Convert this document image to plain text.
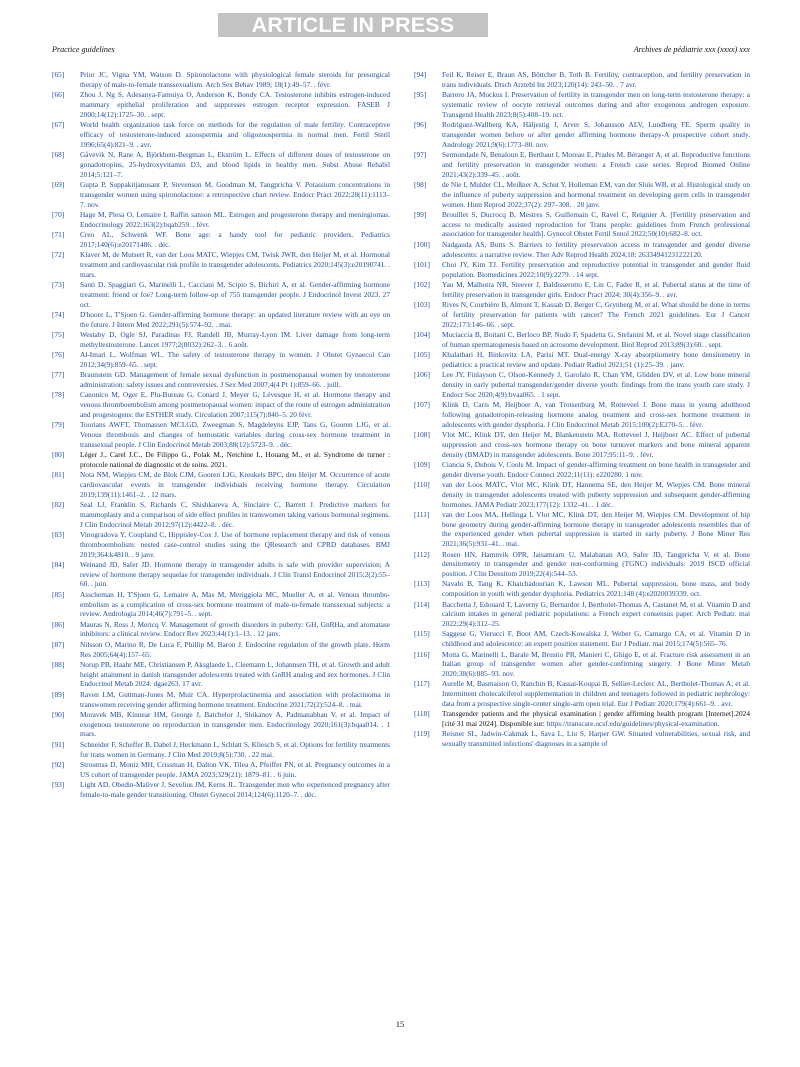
ARTICLE IN PRESS
Practice guidelines	Archives de pédiatrie xxx (xxxx) xxx
[65]	Prior JC, Vigna YM, Watson D. Spironolactone with physiological female steroids for presurgical therapy of male-to-female transsexualism. Arch Sex Behav 1989; 18(1):49–57. . févr.
[66]	Zhou J, Ng S, Adesanya-Famuiya O, Anderson K, Bondy CA. Testosterone inhibits estrogen-induced mammary epithelial proliferation and suppresses estrogen receptor expression. FASEB J 2000;14(12):1725–30. . sept.
[67]	World health organization task force on methods for the regulation of male fertility. Contraceptive efficacy of testosterone-induced azoospermia and oligozoospermia in normal men. Fertil Steril 1996;65(4):821–9. . avr.
[68]	Gåvevik N, Rane A, Björkhem-Bergman L, Ekström L. Effects of different doses of testosterone on gonadotropins, 25-hydroxyvitamin D3, and blood lipids in healthy men. Subst Abuse Rehabil 2014;5:121–7.
[69]	Gupta P, Suppakitjanusant P, Stevenson M, Goodman M, Tangpricha V. Potassium concentrations in transgender women using spironolactone: a retrospective chart review. Endocr Pract 2022;28(11):1113–7. nov.
[70]	Hage M, Plesa O, Lemaire I. Raffin sanson ML. Estrogen and progesterone therapy and meningiomas. Endocrinology 2022;163(2):bqab259. . févr.
[71]	Creo AL, Schwenk WF. Bone age: a handy tool for pediatric providers. Pediatrics 2017;140(6):e20171486. . déc.
[72]	Klaver M, de Mutsert R, van der Loos MATC, Wiepjes CM, Twisk JWR, den Heijer M, et al. Hormonal treatment and cardiovascular risk profile in transgender adolescents. Pediatrics 2020;145(3):e20190741. . mars.
[73]	Santi D, Spaggiari G, Marinelli L, Cacciani M, Scipio S, Bichiri A, et al. Gender-affirming hormone treatment: friend or foe? Long-term follow-up of 755 transgender people. J Endocrinol Invest 2023. 27 oct.
[74]	D'hoore L, T'Sjoen G. Gender-affirming hormone therapy: an updated literature review with an eye on the future. J Intern Med 2022;291(5):574–92. . mai.
[75]	Westaby D, Ogle SJ, Paradinas FJ, Randell JB, Murray-Lyon IM. Liver damage from long-term methyltestosterone. Lancet 1977;2(8032):262–3. . 6 août.
[76]	Al-Imari L, Wolfman WL. The safety of testosterone therapy in women. J Obstet Gynaecol Can 2012;34(9):859–65. . sept.
[77]	Braunstein GD. Management of female sexual dysfunction in postmenopausal women by testosterone administration: safety issues and controversies. J Sex Med 2007;4(4 Pt 1):859–66. . juill.
[78]	Canonico M, Oger E, Plu-Bureau G, Conard J, Meyer G, Lévesque H, et al. Hormone therapy and venous thromboembolism among postmenopausal women: impact of the route of estrogen administration and progestogens: the ESTHER study. Circulation 2007;115(7):840–5. 20 févr.
[79]	Toorians AWFT, Thomassen MCLGD, Zweegman S, Magdeleyns EJP, Tans G, Gooren LJG, et al. Venous thrombosis and changes of hemostatic variables during cross-sex hormone treatment in transsexual people. J Clin Endocrinol Metab 2003;88(12):5723–9. . déc.
[80]	Léger J., Carel J.C., De Filippo G., Polak M., Netchine I., Houang M., et al. Syndrome de turner : protocole national de diagnostic et de soins. 2021.
[81]	Nota NM, Wiepjes CM, de Blok CJM, Gooren LJG, Kreukels BPC, den Heijer M. Occurrence of acute cardiovascular events in transgender individuals receiving hormone therapy. Circulation 2019;139(11):1461–2. . 12 mars.
[82]	Seal LJ, Franklin S, Richards C, Shishkareva A, Sinclaire C, Barrett J. Predictive markers for mammoplasty and a comparison of side effect profiles in transwomen taking various hormonal regimens. J Clin Endocrinol Metab 2012;97(12):4422–8. . déc.
[83]	Vinogradova Y, Coupland C, Hippisley-Cox J. Use of hormone replacement therapy and risk of venous thromboembolism: nested case-control studies using the QResearch and CPRD databases. BMJ 2019;364:k4810. . 9 janv.
[84]	Weinand JD, Safer JD. Hormone therapy in transgender adults is safe with provider supervision; A review of hormone therapy sequelae for transgender individuals. J Clin Transl Endocrinol 2015;2(2):55–60. . juin.
[85]	Asscheman H, T'Sjoen G, Lemaire A, Mas M, Meriggiola MC, Mueller A, et al. Venous thrombo-embolism as a complication of cross-sex hormone treatment of male-to-female transsexual subjects: a review. Andrologia 2014;46(7):791–5. . sept.
[86]	Mauras N, Ross J, Mericq V. Management of growth disorders in puberty: GH, GnRHa, and aromatase inhibitors: a clinical review. Endocr Rev 2023;44(1):1–13. . 12 janv.
[87]	Nilsson O, Marino R, De Luca F, Phillip M, Baron J. Endocrine regulation of the growth plate. Horm Res 2005;64(4):157–65.
[88]	Norup PB, Haahr ME, Christiansen P, Aksglaede L, Cleemann L, Johannsen TH, et al. Growth and adult height attainment in danish transgender adolescents treated with GnRH analog and sex hormones. J Clin Endocrinol Metab 2024: dgae263. 17 avr.
[89]	Raven LM, Guttman-Jones M, Muir CA. Hyperprolactinemia and association with prolactinoma in transwomen receiving gender affirming hormone treatment. Endocrine 2021;72(2):524–8. . mai.
[90]	Moravek MB, Kinnear HM, George J, Batchelor J, Shikanov A, Padmanabhan V, et al. Impact of exogenous testosterone on reproduction in transgender men. Endocrinology 2020;161(3):bqaa014. . 1 mars.
[91]	Schneider F, Scheffer B, Dabel J, Heckmann L, Schlatt S, Kliesch S, et al. Options for fertility treatments for trans women in Germany. J Clin Med 2019;8(5):730. . 22 mai.
[92]	Stroumsa D, Moniz MH, Crissman H, Dalton VK, Tilea A, Pfeiffer PN, et al. Pregnancy outcomes in a US cohort of transgender people. JAMA 2023;329(21): 1879–81. . 6 juin.
[93]	Light AD, Obedin-Maliver J, Sevelius JM, Kerns JL. Transgender men who experienced pregnancy after female-to-male gender transitioning. Obstet Gynecol 2014;124(6):1120–7. . déc.
[94]	Feil K, Reiser E, Braun AS, Böttcher B, Toth B. Fertility, contraception, and fertility preservation in trans individuals. Dtsch Arztebl Int 2023;120(14): 243–50. . 7 avr.
[95]	Barrero JA, Mockus I. Preservation of fertility in transgender men on long-term testosterone therapy: a systematic review of oocyte retrieval outcomes during and after exogenous androgen exposure. Transgend Health 2023;8(5):408–19. oct.
[96]	Rodriguez-Wallberg KA, Häljestig J, Arver S, Johansson ALV, Lundberg FE. Sperm quality in transgender women before or after gender affirming hormone therapy-A prospective cohort study. Andrology 2021;9(6):1773–80. nov.
[97]	Sermondade N, Benaloun E, Berthaut I, Moreau E, Prades M, Béranger A, et al. Reproductive functions and fertility preservation in transgender women: a French case series. Reprod Biomed Online 2021;43(2):339–45. . août.
[98]	de Nie I, Mulder CL, Meißner A, Schut Y, Holleman EM, van der Sluis WB, et al. Histological study on the influence of puberty suppression and hormonal treatment on developing germ cells in transgender women. Hum Reprod 2022;37(2): 297–308. . 28 janv.
[99]	Brouillet S, Ducrocq B, Mestres S, Guillemain C, Ravel C, Reignier A. [Fertility preservation and access to medically assisted reproduction for Trans people: guidelines from French professional association for transgender health]. Gynecol Obstet Fertil Senol 2022;50(10):682–8. oct.
[100]	Nadgauda AS, Butts S. Barriers to fertility preservation access in transgender and gender diverse adolescents: a narrative review. Ther Adv Reprod Health 2024;18: 26334941231222120.
[101]	Choi JY, Kim TJ. Fertility preservation and reproductive potential in transgender and gender fluid population. Biomedicines 2022;10(9):2279. . 14 sept.
[102]	Yau M, Malhotra NR, Steever J, Baldisserotto E, Lin C, Fader R, et al. Pubertal status at the time of fertility preservation in transgender girls. Endocr Pract 2024; 30(4):356–9. . avr.
[103]	Rives N, Courbière B, Almont T, Kassab D, Berger C, Grynberg M, et al. What should be done in terms of fertility preservation for patients with cancer? The French 2021 guidelines. Eur J Cancer 2022;173:146–66. . sept.
[104]	Muciaccia B, Boitani C, Berloco BP, Nudo F, Spadetta G, Stefanini M, et al. Novel stage classification of human spermatogenesis based on acrosome development. Biol Reprod 2013;89(3):60. . sept.
[105]	Khalatbari H, Binkovitz LA, Parisi MT. Dual-energy X-ray absorptiometry bone densitometry in pediatrics: a practical review and update. Pediatr Radiol 2021;51 (1):25–39. . janv.
[106]	Lee JY, Finlayson C, Olson-Kennedy J, Garofalo R, Chan YM, Glidden DV, et al. Low bone mineral density in early pubertal transgender/gender diverse youth: findings from the trans youth care study. J Endocr Soc 2020;4(9):bvaa065. . 1 sept.
[107]	Klink D, Caris M, Heijboer A, van Trotsenburg M, Rotteveel J. Bone mass in young adulthood following gonadotropin-releasing hormone analog treatment and cross-sex hormone treatment in adolescents with gender dysphoria. J Clin Endocrinol Metab 2015;100(2):E270–5. . févr.
[108]	Vlot MC, Klink DT, den Heijer M, Blankenstein MA, Rotteveel J, Heijboer AC. Effect of pubertal suppression and cross-sex hormone therapy on bone turnover markers and bone mineral apparent density (BMAD) in transgender adolescents. Bone 2017;95:11–9. . févr.
[109]	Ciancia S, Dubois V, Cools M. Impact of gender-affirming treatment on bone health in transgender and gender diverse youth. Endocr Connect 2022;11(11): e220280. 1 nov.
[110]	van der Loos MATC, Vlot MC, Klink DT, Hannema SE, den Heijer M, Wiepjes CM. Bone mineral density in transgender adolescents treated with puberty suppression and subsequent gender-affirming hormones. JAMA Pediatr 2023;177(12): 1332–41. . 1 déc.
[111]	van der Loos MA, Hellinga I, Vlot MC, Klink DT, den Heijer M, Wiepjes CM. Development of hip bone geometry during gender-affirming hormone therapy in transgender adolescents resembles that of the experienced gender when pubertal suppression is started in early puberty. J Bone Miner Res 2021;36(5):931–41. . mai.
[112]	Rosen HN, Hamnvik OPR, Jaisamrarn U, Malabanan AO, Safer JD, Tangpricha V, et al. Bone densitometry in transgender and gender non-conforming (TGNC) individuals: 2019 ISCD official position. J Clin Densitom 2019;22(4):544–53.
[113]	Navabi B, Tang K, Khatchadourian K, Lawson ML. Pubertal suppression, bone mass, and body composition in youth with gender dysphoria. Pediatrics 2021;148 (4):e2020039339. oct.
[114]	Bacchetta J, Edouard T, Laverny G, Bernardor J, Bertholet-Thomas A, Castanet M, et al. Vitamin D and calcium intakes in general pediatric populations: a French expert consensus paper. Arch Pediatr. mai 2022;29(4):312–25.
[115]	Saggese G, Vierucci F, Boot AM, Czech-Kowalska J, Weber G, Camargo CA, et al. Vitamin D in childhood and adolescence: an expert position statement. Eur J Pediatr. mai 2015;174(5):565–76.
[116]	Motta G, Marinelli L, Barale M, Brustio PR, Manieri C, Ghigo E, et al. Fracture risk assessment in an Italian group of transgender women after gender-confirming surgery. J Bone Miner Metab 2020;38(6):885–93. nov.
[117]	Aurelle M, Basmaison O, Ranchin B, Kassai-Koupai B, Sellier-Leclerc AL, Bertholet-Thomas A, et al. Intermittent cholecalciferol supplementation in children and teenagers followed in pediatric nephrology: data from a prospective single-center single-arm open trial. Eur J Pediatr 2020;179(4):661–9. . avr.
[118]	Transgender patients and the physical examination | gender affirming health program [Internet].2024 [cité 31 mai 2024]. Disponible sur: https://transcare.ucsf.edu/guidelines/physical-examination.
[119]	Reisner SL, Jadwin-Cakmak L, Sava L, Liu S, Harper GW. Situated vulnerabilities, sexual risk, and sexually transmitted infections' diagnoses in a sample of
15
